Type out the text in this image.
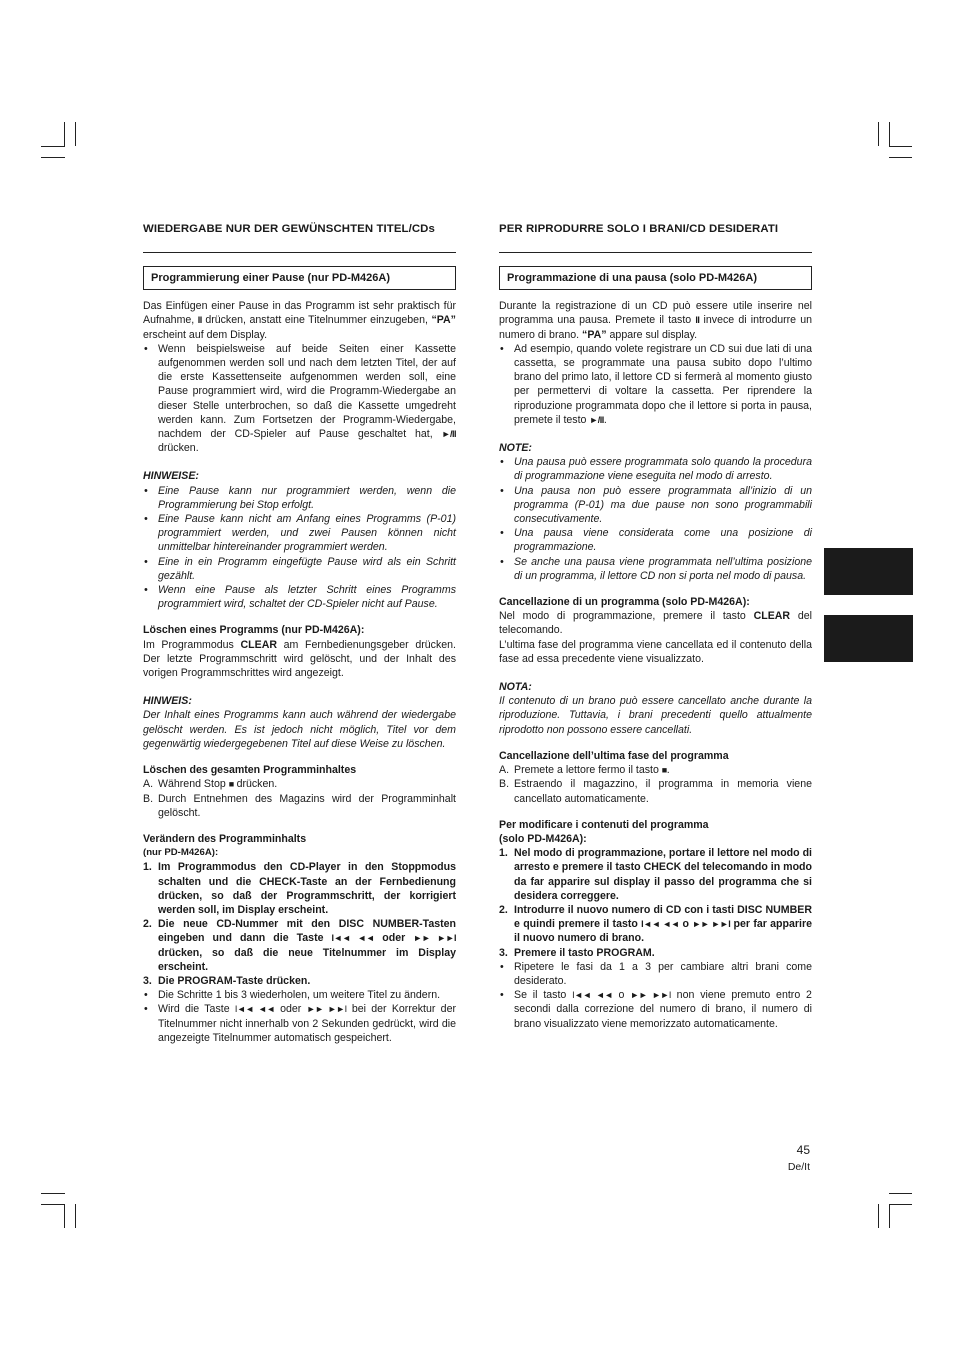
WIEDERGABE NUR DER GEWÜNSCHTEN TITEL/CDs
Programmierung einer Pause (nur PD-M426A)

Das Einfügen einer Pause in das Programm ist sehr praktisch für Aufnahme, II drücken, anstatt eine Titelnummer einzugeben, “PA” erscheint auf dem Display.

• Wenn beispielsweise auf beide Seiten einer Kassette aufgenommen werden soll und nach dem letzten Titel, der auf die erste Kassettenseite aufgenommen werden soll, eine Pause programmiert wird, wird die Programm-Wiedergabe an dieser Stelle unterbrochen, so daß die Kassette umgedreht werden kann. Zum Fortsetzen der Programm-Wiedergabe, nachdem der CD-Spieler auf Pause geschaltet hat, ►/II drücken.
HINWEISE:
• Eine Pause kann nur programmiert werden, wenn die Programmierung bei Stop erfolgt.
• Eine Pause kann nicht am Anfang eines Programms (P-01) programmiert werden, und zwei Pausen können nicht unmittelbar hintereinander programmiert werden.
• Eine in ein Programm eingefügte Pause wird als ein Schritt gezählt.
• Wenn eine Pause als letzter Schritt eines Programms programmiert wird, schaltet der CD-Spieler nicht auf Pause.
Löschen eines Programms (nur PD-M426A):

Im Programmodus CLEAR am Fernbedienungsgeber drücken. Der letzte Programmschritt wird gelöscht, und der Inhalt des vorigen Programmschrittes wird angezeigt.

HINWEIS:

Der Inhalt eines Programms kann auch während der wiedergabe gelöscht werden. Es ist jedoch nicht möglich, Titel vor dem gegenwärtig wiedergegebenen Titel auf diese Weise zu löschen.

Löschen des gesamten Programminhaltes
A. Während Stop ■ drücken.
B. Durch Entnehmen des Magazins wird der Programminhalt gelöscht.
Verändern des Programminhalts
(nur PD-M426A):
1. Im Programmodus den CD-Player in den Stoppmodus schalten und die CHECK-Taste an der Fernbedienung drücken, so daß der Programmschritt, der korrigiert werden soll, im Display erscheint.
2. Die neue CD-Nummer mit den DISC NUMBER-Tasten eingeben und dann die Taste I◄◄ ◄◄ oder ►► ►►I drücken, so daß die neue Titelnummer im Display erscheint.
3. Die PROGRAM-Taste drücken.
• Die Schritte 1 bis 3 wiederholen, um weitere Titel zu ändern.
• Wird die Taste I◄◄ ◄◄ oder ►► ►►I bei der Korrektur der Titelnummer nicht innerhalb von 2 Sekunden gedrückt, wird die angezeigte Titelnummer automatisch gespeichert.
PER RIPRODURRE SOLO I BRANI/CD DESIDERATI
Programmazione di una pausa (solo PD-M426A)

Durante la registrazione di un CD può essere utile inserire nel programma una pausa. Premete il tasto II invece di introdurre un numero di brano. “PA” appare sul display.

• Ad esempio, quando volete registrare un CD sui due lati di una cassetta, se programmate una pausa subito dopo l’ultimo brano del primo lato, il lettore CD si fermerà al momento giusto per permettervi di voltare la cassetta. Per riprendere la riproduzione programmata dopo che il lettore si porta in pausa, premete il testo ►/II.
NOTE:
• Una pausa può essere programmata solo quando la procedura di programmazione viene eseguita nel modo di arresto.
• Una pausa non può essere programmata all’inizio di un programma (P-01) ma due pause non sono programmabili consecutivamente.
• Una pausa viene considerata come una posizione di programmazione.
• Se anche una pausa viene programmata nell’ultima posizione di un programma, il lettore CD non si porta nel modo di pausa.
Cancellazione di un programma (solo PD-M426A):

Nel modo di programmazione, premere il tasto CLEAR del telecomando.

L’ultima fase del programma viene cancellata ed il contenuto della fase ad essa precedente viene visualizzato.

NOTA:

Il contenuto di un brano può essere cancellato anche durante la riproduzione. Tuttavia, i brani precedenti quello attualmente riprodotto non possono essere cancellati.

Cancellazione dell’ultima fase del programma
A. Premete a lettore fermo il tasto ■.
B. Estraendo il magazzino, il programma in memoria viene cancellato automaticamente.
Per modificare i contenuti del programma
(solo PD-M426A):
1. Nel modo di programmazione, portare il lettore nel modo di arresto e premere il tasto CHECK del telecomando in modo da far apparire sul display il passo del programma che si desidera correggere.
2. Introdurre il nuovo numero di CD con i tasti DISC NUMBER e quindi premere il tasto I◄◄ ◄◄ o ►► ►►I per far apparire il nuovo numero di brano.
3. Premere il tasto PROGRAM.
• Ripetere le fasi da 1 a 3 per cambiare altri brani come desiderato.
• Se il tasto I◄◄ ◄◄ o ►► ►►I non viene premuto entro 2 secondi dalla correzione del numero di brano, il numero di brano visualizzato viene memorizzato automaticamente.
45
De/It
